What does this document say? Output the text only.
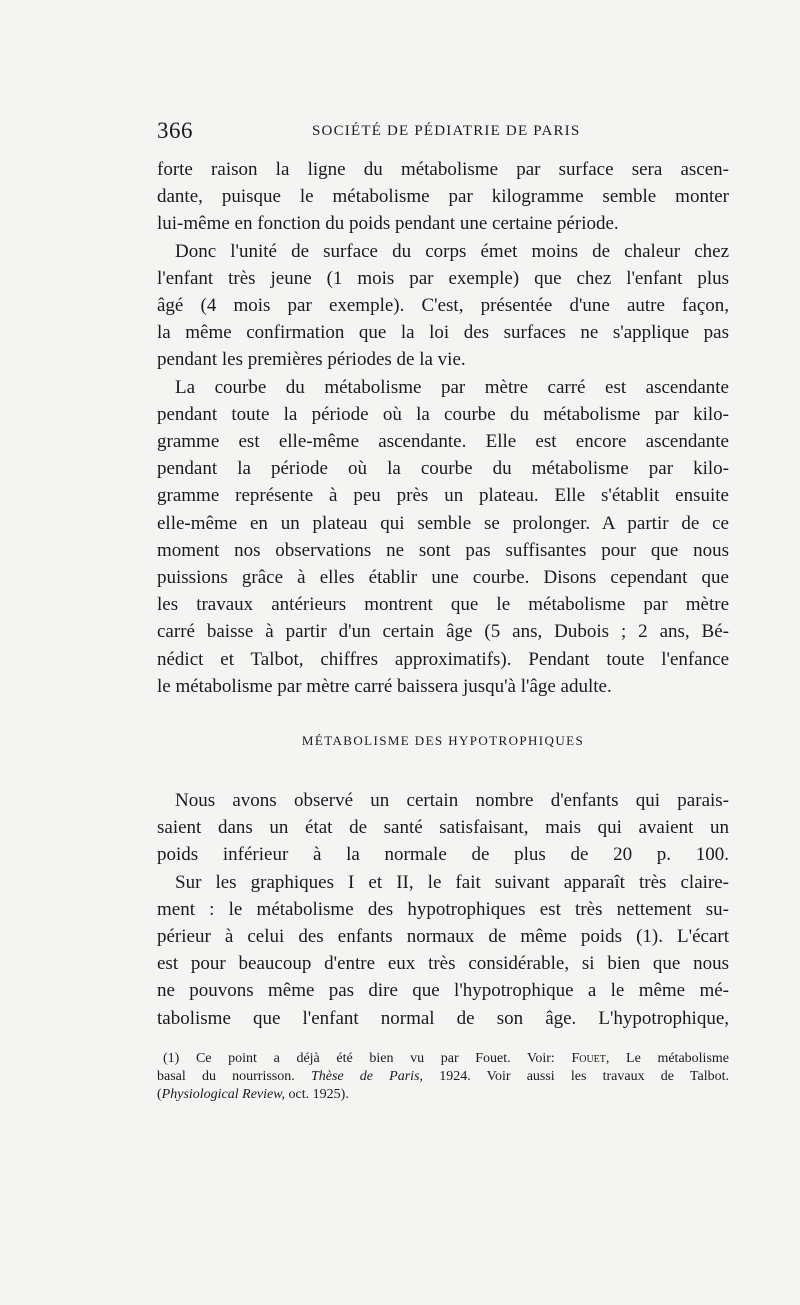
366	SOCIÉTÉ DE PÉDIATRIE DE PARIS

forte raison la ligne du métabolisme par surface sera ascen-

dante, puisque le métabolisme par kilogramme semble monter

lui-même en fonction du poids pendant une certaine période.

Donc l'unité de surface du corps émet moins de chaleur chez

l'enfant très jeune (1 mois par exemple) que chez l'enfant plus

âgé (4 mois par exemple). C'est, présentée d'une autre façon,

la même confirmation que la loi des surfaces ne s'applique pas

pendant les premières périodes de la vie.

La courbe du métabolisme par mètre carré est ascendante

pendant toute la période où la courbe du métabolisme par kilo-

gramme est elle-même ascendante. Elle est encore ascendante

pendant la période où la courbe du métabolisme par kilo-

gramme représente à peu près un plateau. Elle s'établit ensuite

elle-même en un plateau qui semble se prolonger. A partir de ce

moment nos observations ne sont pas suffisantes pour que nous

puissions grâce à elles établir une courbe. Disons cependant que

les travaux antérieurs montrent que le métabolisme par mètre

carré baisse à partir d'un certain âge (5 ans, Dubois ; 2 ans, Bé-

nédict et Talbot, chiffres approximatifs). Pendant toute l'enfance

le métabolisme par mètre carré baissera jusqu'à l'âge adulte.

MÉTABOLISME DES HYPOTROPHIQUES

Nous avons observé un certain nombre d'enfants qui parais-

saient dans un état de santé satisfaisant, mais qui avaient un

poids inférieur à la normale de plus de 20 p. 100.

Sur les graphiques I et II, le fait suivant apparaît très claire-

ment : le métabolisme des hypotrophiques est très nettement su-

périeur à celui des enfants normaux de même poids (1). L'écart

est pour beaucoup d'entre eux très considérable, si bien que nous

ne pouvons même pas dire que l'hypotrophique a le même mé-

tabolisme que l'enfant normal de son âge. L'hypotrophique,

(1) Ce point a déjà été bien vu par Fouet. Voir: Fouet, Le métabolisme

basal du nourrisson. Thèse de Paris, 1924. Voir aussi les travaux de Talbot.

(Physiological Review, oct. 1925).
